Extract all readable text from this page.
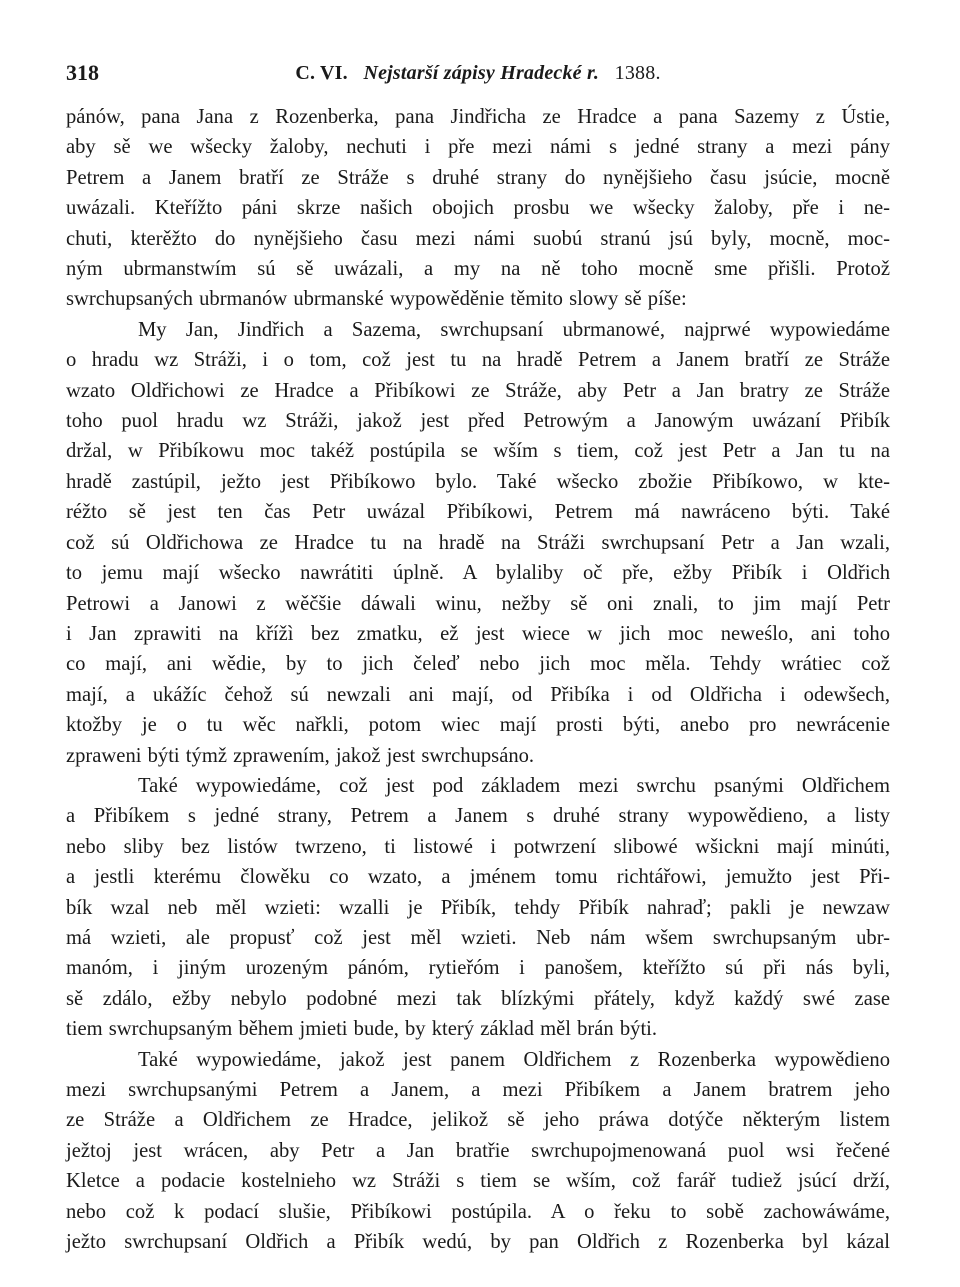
318	C. VI. Nejstarší zápisy Hradecké r. 1388.
pánów, pana Jana z Rozenberka, pana Jindřicha ze Hradce a pana Sazemy z Ústie,
aby sě we wšecky žaloby, nechuti i pře mezi námi s jedné strany a mezi pány
Petrem a Janem bratří ze Stráže s druhé strany do nynějšieho času jsúcie, mocně
uwázali. Kteřížto páni skrze našich obojich prosbu we wšecky žaloby, pře i ne-
chuti, kterěžto do nynějšieho času mezi námi suobú stranú jsú byly, mocně, moc-
ným ubrmanstwím sú sě uwázali, a my na ně toho mocně sme přišli. Protož
swrchupsaných ubrmanów ubrmanské wypowěděnie těmito slowy sě píše:
My Jan, Jindřich a Sazema, swrchupsaní ubrmanowé, najprwé wypowiedáme
o hradu wz Stráži, i o tom, což jest tu na hradě Petrem a Janem bratří ze Stráže
wzato Oldřichowi ze Hradce a Přibíkowi ze Stráže, aby Petr a Jan bratry ze Stráže
toho puol hradu wz Stráži, jakož jest před Petrowým a Janowým uwázaní Přibík
držal, w Přibíkowu moc takéž postúpila se wším s tiem, což jest Petr a Jan tu na
hradě zastúpil, ježto jest Přibíkowo bylo. Také wšecko zbožie Přibíkowo, w kte-
réžto sě jest ten čas Petr uwázal Přibíkowi, Petrem má nawráceno býti. Také
což sú Oldřichowa ze Hradce tu na hradě na Stráži swrchupsaní Petr a Jan wzali,
to jemu mají wšecko nawrátiti úplně. A bylaliby oč pře, ežby Přibík i Oldřich
Petrowi a Janowi z wěčšie dáwali winu, nežby sě oni znali, to jim mají Petr
i Jan zprawiti na křížì bez zmatku, ež jest wiece w jich moc neweślo, ani toho
co mají, ani wědie, by to jich čeleď nebo jich moc měla. Tehdy wrátiec což
mají, a ukážíc čehož sú newzali ani mají, od Přibíka i od Oldřicha i odewšech,
ktožby je o tu wěc nařkli, potom wiec mají prosti býti, anebo pro newrácenie
zpraweni býti týmž zprawením, jakož jest swrchupsáno.
Také wypowiedáme, což jest pod základem mezi swrchu psanými Oldřichem
a Přibíkem s jedné strany, Petrem a Janem s druhé strany wypowědieno, a listy
nebo sliby bez listów twrzeno, ti listowé i potwrzení slibowé wšickni mají minúti,
a jestli kterému člowěku co wzato, a jménem tomu richtářowi, jemužto jest Při-
bík wzal neb měl wzieti: wzalli je Přibík, tehdy Přibík nahraď; pakli je newzaw
má wzieti, ale propusť což jest měl wzieti. Neb nám wšem swrchupsaným ubr-
manóm, i jiným urozeným pánóm, rytieřóm i panošem, kteřížto sú při nás byli,
sě zdálo, ežby nebylo podobné mezi tak blízkými přátely, když každý swé zase
tiem swrchupsaným během jmieti bude, by který základ měl brán býti.
Také wypowiedáme, jakož jest panem Oldřichem z Rozenberka wypowědieno
mezi swrchupsanými Petrem a Janem, a mezi Přibíkem a Janem bratrem jeho
ze Stráže a Oldřichem ze Hradce, jelikož sě jeho práwa dotýče některým listem
ježtoj jest wrácen, aby Petr a Jan bratřie swrchupojmenowaná puol wsi řečené
Kletce a podacie kostelnieho wz Stráži s tiem se wším, což farář tudiež jsúcí drží,
nebo což k podací slušie, Přibíkowi postúpila. A o řeku to sobě zachowáwáme,
ježto swrchupsaní Oldřich a Přibík wedú, by pan Oldřich z Rozenberka byl kázal
